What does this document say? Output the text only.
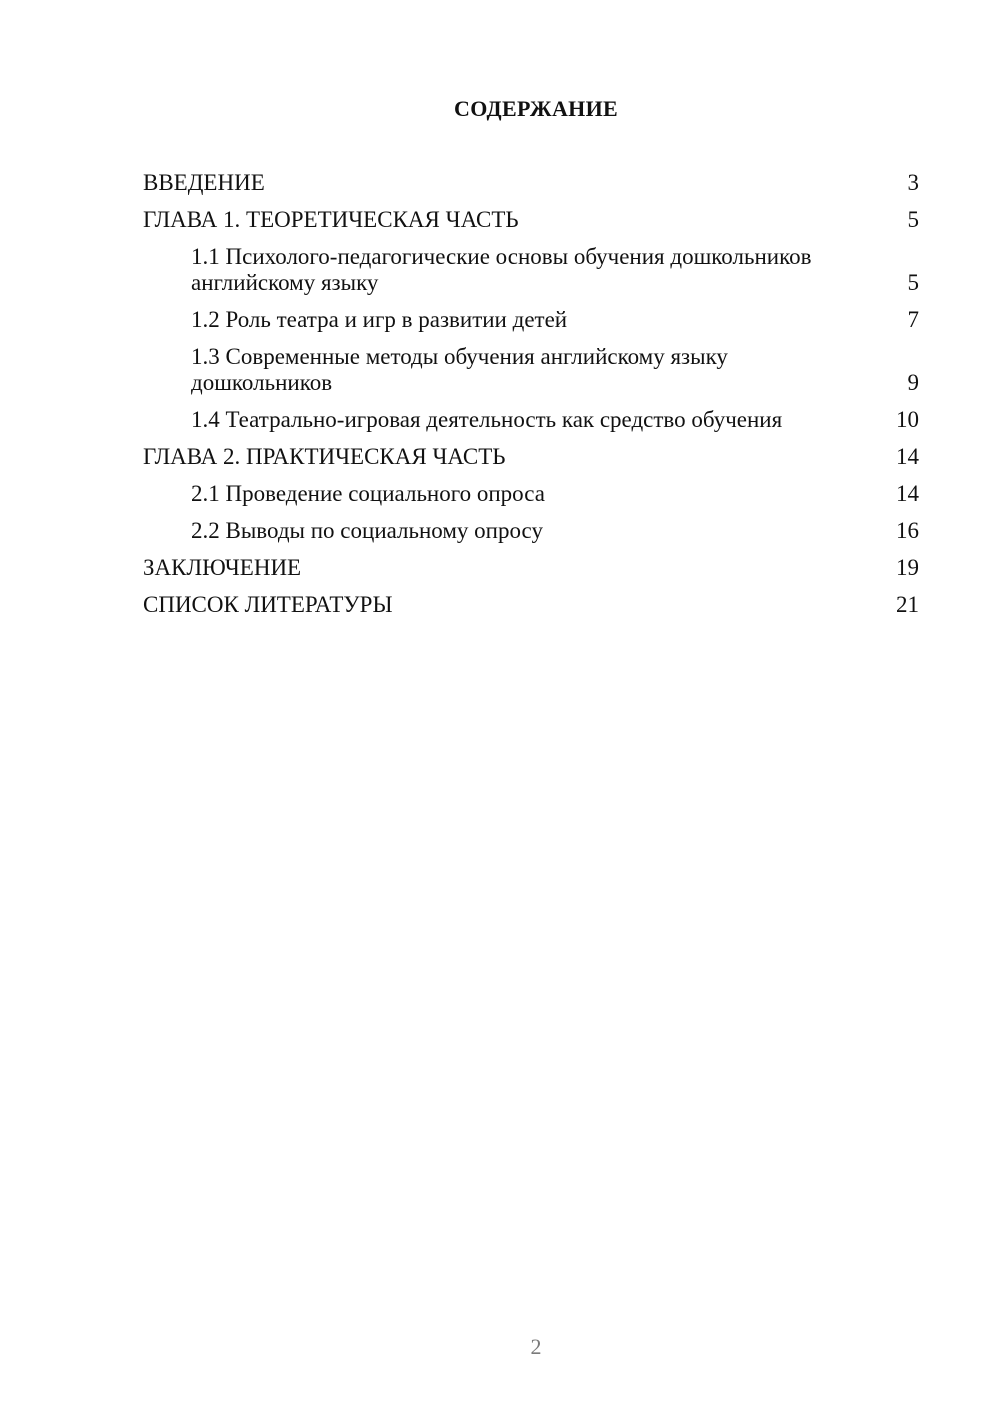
СОДЕРЖАНИЕ
ВВЕДЕНИЕ	3
ГЛАВА 1. ТЕОРЕТИЧЕСКАЯ ЧАСТЬ	5
1.1 Психолого-педагогические основы обучения дошкольников английскому языку	5
1.2 Роль театра и игр в развитии детей	7
1.3 Современные методы обучения английскому языку дошкольников	9
1.4 Театрально-игровая деятельность как средство обучения	10
ГЛАВА 2. ПРАКТИЧЕСКАЯ ЧАСТЬ	14
2.1 Проведение социального опроса	14
2.2 Выводы по социальному опросу	16
ЗАКЛЮЧЕНИЕ	19
СПИСОК ЛИТЕРАТУРЫ	21
2
